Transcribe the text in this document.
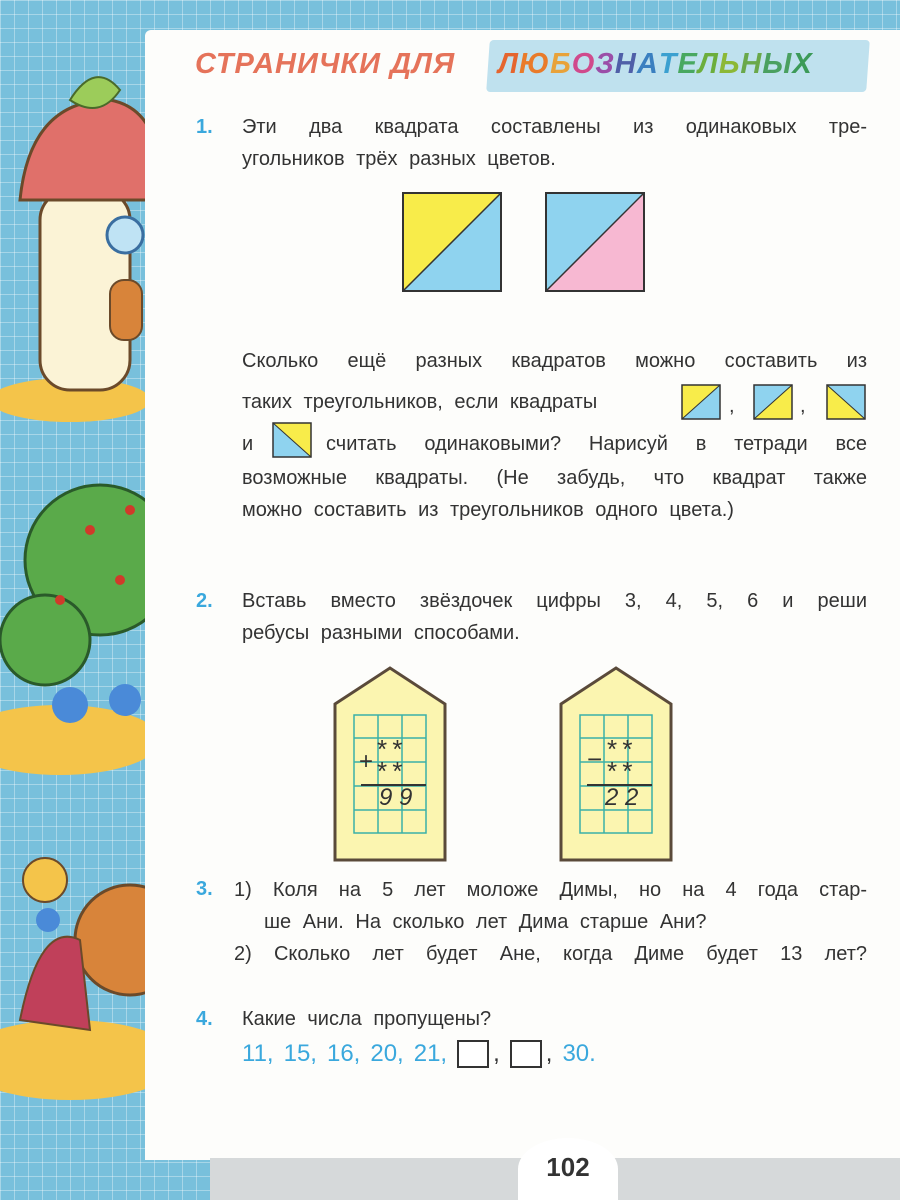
СТРАНИЧКИ ДЛЯ ЛЮБОЗНАТЕЛЬНЫХ
1. Эти два квадрата составлены из одинаковых тре-
угольников трёх разных цветов.
Сколько ещё разных квадратов можно составить из
таких треугольников, если квадраты	,	,
и	считать одинаковыми? Нарисуй в тетради все
возможные квадраты. (Не забудь, что квадрат также
можно составить из треугольников одного цвета.)
2. Вставь вместо звёздочек цифры 3, 4, 5, 6 и реши
ребусы разными способами.
+ * *
* *
9 9
− * *
* *
2 2
3. 1) Коля на 5 лет моложе Димы, но на 4 года стар-
ше Ани. На сколько лет Дима старше Ани?
2) Сколько лет будет Ане, когда Диме будет 13 лет?
4. Какие числа пропущены?
11, 15, 16, 20, 21, , , 30.
102
